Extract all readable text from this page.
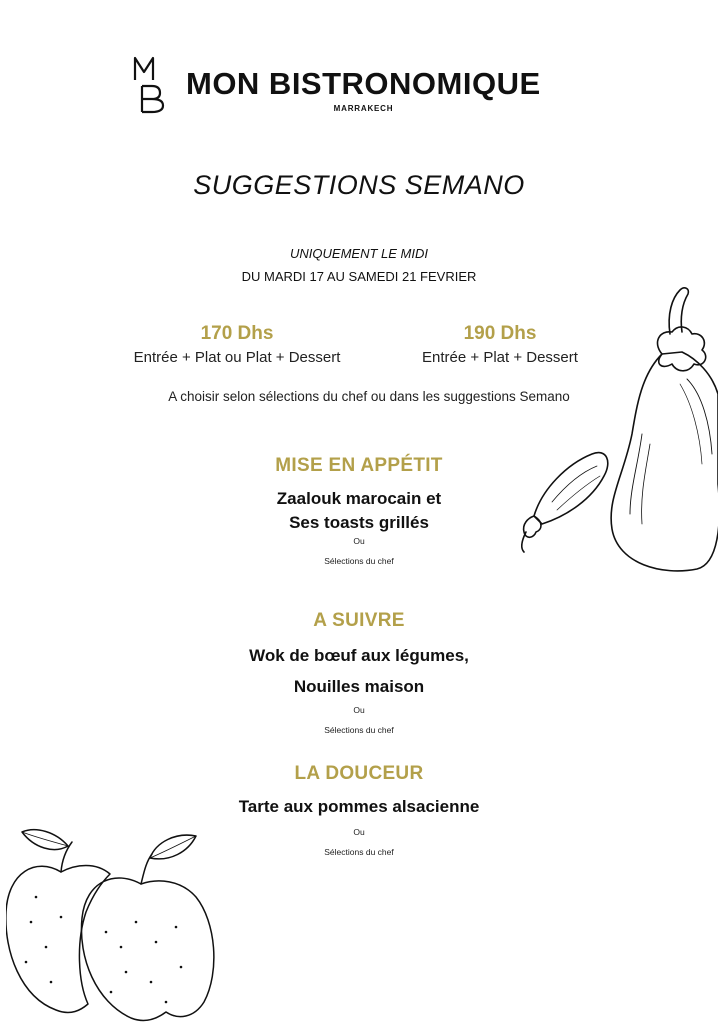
MON BISTRONOMIQUE
MARRAKECH
SUGGESTIONS SEMANO
UNIQUEMENT LE MIDI
DU MARDI 17 AU SAMEDI 21 FEVRIER
170 Dhs
Entrée + Plat ou Plat + Dessert
190 Dhs
Entrée + Plat + Dessert
A choisir selon sélections du chef ou dans les suggestions Semano
MISE EN APPÉTIT
Zaalouk marocain et
Ses toasts grillés
Ou
Sélections du chef
A SUIVRE
Wok de bœuf aux légumes,
Nouilles maison
Ou
Sélections du chef
LA DOUCEUR
Tarte aux pommes alsacienne
Ou
Sélections du chef
